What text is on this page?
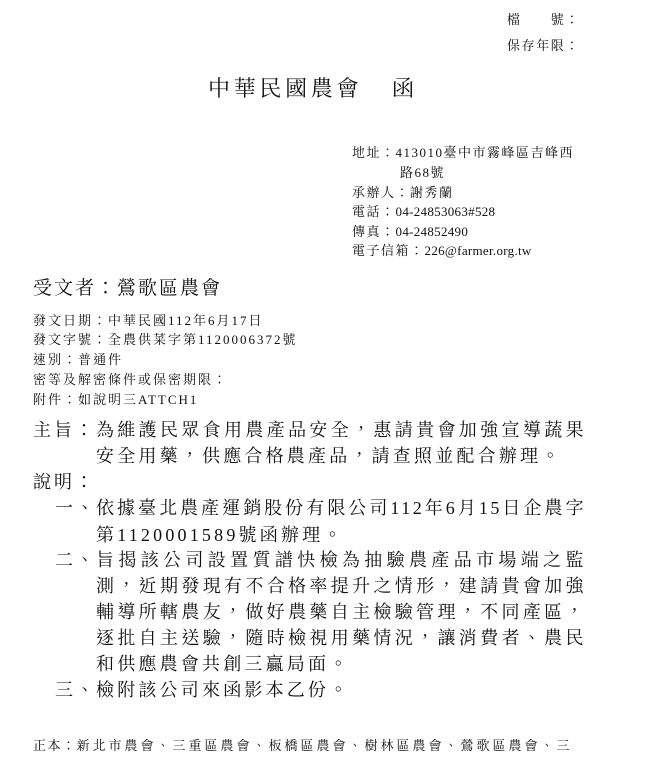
檔　　號：
保存年限：
中華民國農會 函
地址：413010臺中市霧峰區吉峰西
路68號
承辦人：謝秀蘭
電話：04-24853063#528
傳真：04-24852490
電子信箱：226@farmer.org.tw
受文者：鶯歌區農會
發文日期：中華民國112年6月17日
發文字號：全農供菜字第1120006372號
速別：普通件
密等及解密條件或保密期限：
附件：如說明三ATTCH1
主旨： 為維護民眾食用農產品安全，惠請貴會加強宣導蔬果
安全用藥，供應合格農產品，請查照並配合辦理。
說明：
一、 依據臺北農產運銷股份有限公司112年6月15日企農字
第1120001589號函辦理。
二、 旨揭該公司設置質譜快檢為抽驗農產品市場端之監
測，近期發現有不合格率提升之情形，建請貴會加強
輔導所轄農友，做好農藥自主檢驗管理，不同產區，
逐批自主送驗，隨時檢視用藥情況，讓消費者、農民
和供應農會共創三贏局面。
三、 檢附該公司來函影本乙份。
正本：新北市農會、三重區農會、板橋區農會、樹林區農會、鶯歌區農會、三
